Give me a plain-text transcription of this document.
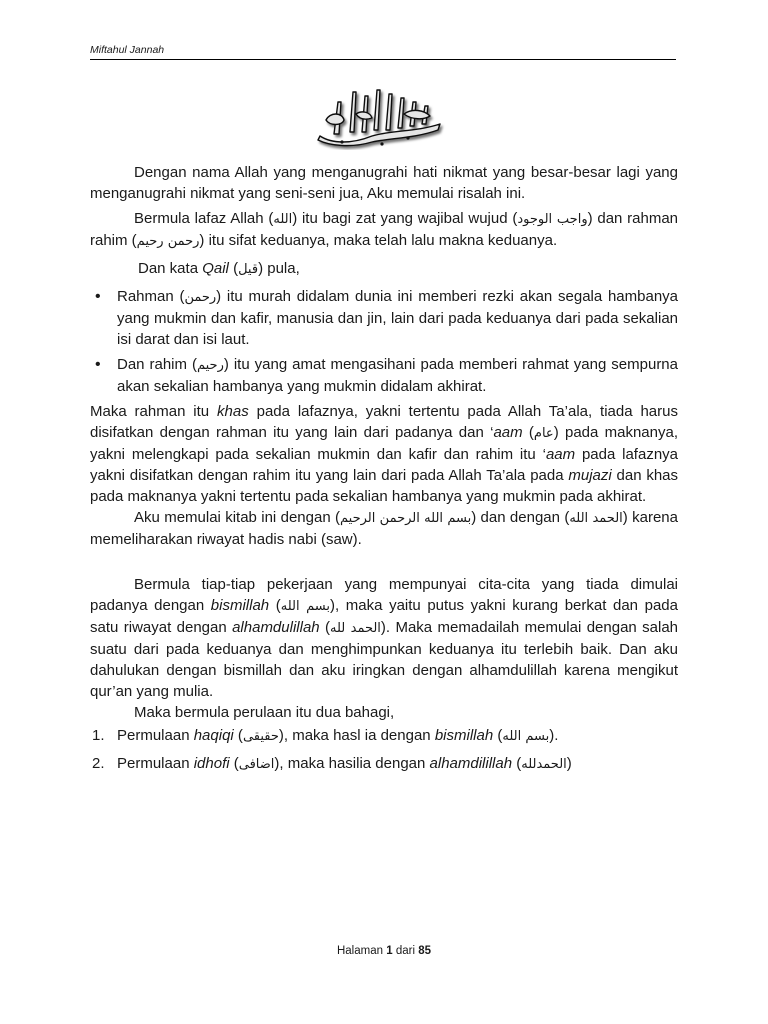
Miftahul Jannah

Dengan nama Allah yang menganugrahi hati nikmat yang besar-besar lagi yang menganugrahi nikmat yang seni-seni jua, Aku memulai risalah ini.

Bermula lafaz Allah (الله) itu bagi zat yang wajibal wujud (واجب الوجود) dan rahman rahim (رحمن رحيم) itu sifat keduanya, maka telah lalu makna keduanya.

Dan kata Qail (قيل) pula,

• Rahman (رحمن) itu murah didalam dunia ini memberi rezki akan segala hambanya yang mukmin dan kafir, manusia dan jin, lain dari pada keduanya dari pada sekalian isi darat dan isi laut.
• Dan rahim (رحيم) itu yang amat mengasihani pada memberi rahmat yang sempurna akan sekalian hambanya yang mukmin didalam akhirat.

Maka rahman itu khas pada lafaznya, yakni tertentu pada Allah Ta’ala, tiada harus disifatkan dengan rahman itu yang lain dari padanya dan ‘aam (عام) pada maknanya, yakni melengkapi pada sekalian mukmin dan kafir dan rahim itu ‘aam pada lafaznya yakni disifatkan dengan rahim itu yang lain dari pada Allah Ta’ala pada mujazi dan khas pada maknanya yakni tertentu pada sekalian hambanya yang mukmin pada akhirat.

Aku memulai kitab ini dengan (بسم الله الرحمن الرحيم) dan dengan (الحمد الله) karena memeliharakan riwayat hadis nabi (saw).

Bermula tiap-tiap pekerjaan yang mempunyai cita-cita yang tiada dimulai padanya dengan bismillah (بسم الله), maka yaitu putus yakni kurang berkat dan pada satu riwayat dengan alhamdulillah (الحمد لله). Maka memadailah memulai dengan salah suatu dari pada keduanya dan menghimpunkan keduanya itu terlebih baik. Dan aku dahulukan dengan bismillah dan aku iringkan dengan alhamdulillah karena mengikut qur’an yang mulia.

Maka bermula perulaan itu dua bahagi,

1. Permulaan haqiqi (حقيقى), maka hasl ia dengan bismillah (بسم الله).
2. Permulaan idhofi (اضافى), maka hasilia dengan alhamdilillah (الحمدلله)
Halaman 1 dari 85
